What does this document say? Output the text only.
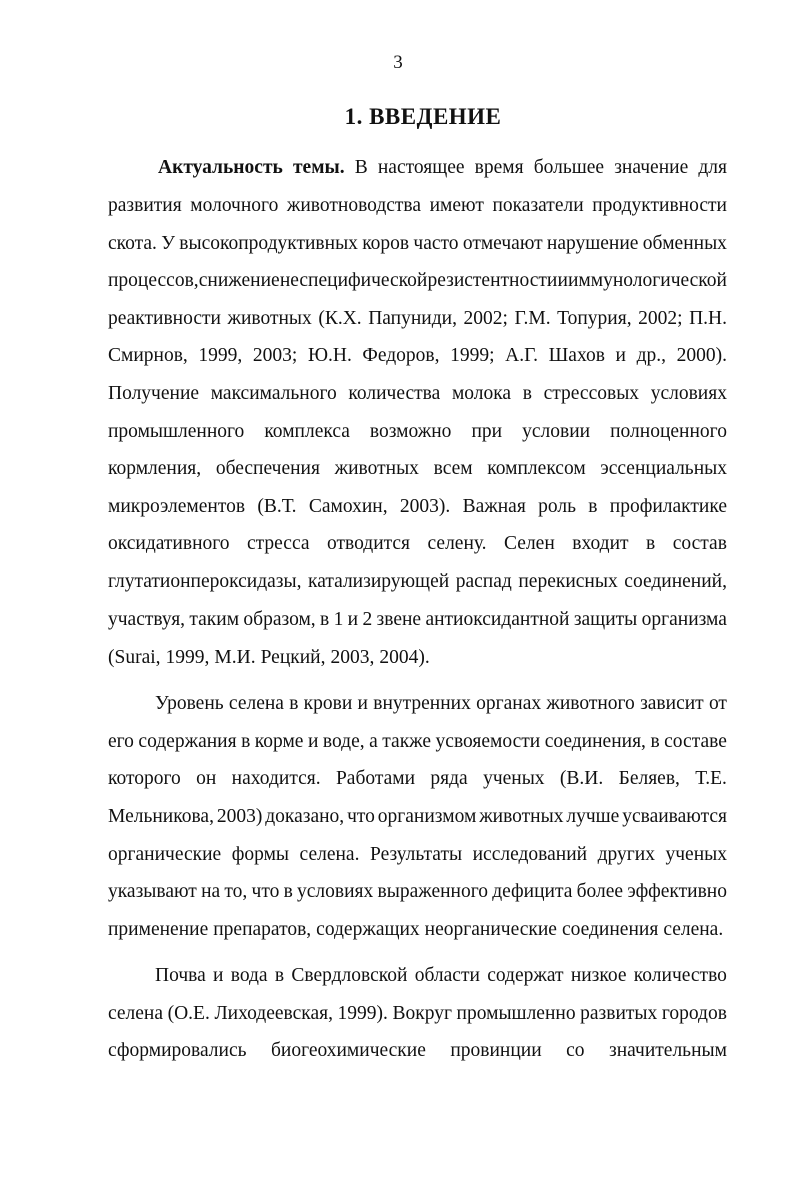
3
1. ВВЕДЕНИЕ
Актуальность темы. В настоящее время большее значение для
развития молочного животноводства имеют показатели продуктивности
скота. У высокопродуктивных коров часто отмечают нарушение обменных
процессов, снижение неспецифической резистентности и иммунологической
реактивности животных (К.Х. Папуниди, 2002; Г.М. Топурия, 2002; П.Н.
Смирнов, 1999, 2003; Ю.Н. Федоров, 1999; А.Г. Шахов и др., 2000).
Получение максимального количества молока в стрессовых условиях
промышленного комплекса возможно при условии полноценного
кормления, обеспечения животных всем комплексом эссенциальных
микроэлементов (В.Т. Самохин, 2003). Важная роль в профилактике
оксидативного стресса отводится селену. Селен входит в состав
глутатионпероксидазы, катализирующей распад перекисных соединений,
участвуя, таким образом, в 1 и 2 звене антиоксидантной защиты организма
(Surai, 1999, М.И. Рецкий, 2003, 2004).
Уровень селена в крови и внутренних органах животного зависит от
его содержания в корме и воде, а также усвояемости соединения, в составе
которого он находится. Работами ряда ученых (В.И. Беляев, Т.Е.
Мельникова, 2003) доказано, что организмом животных лучше усваиваются
органические формы селена. Результаты исследований других ученых
указывают на то, что в условиях выраженного дефицита более эффективно
применение препаратов, содержащих неорганические соединения селена.
Почва и вода в Свердловской области содержат низкое количество
селена (О.Е. Лиходеевская, 1999). Вокруг промышленно развитых городов
сформировались биогеохимические провинции со значительным
